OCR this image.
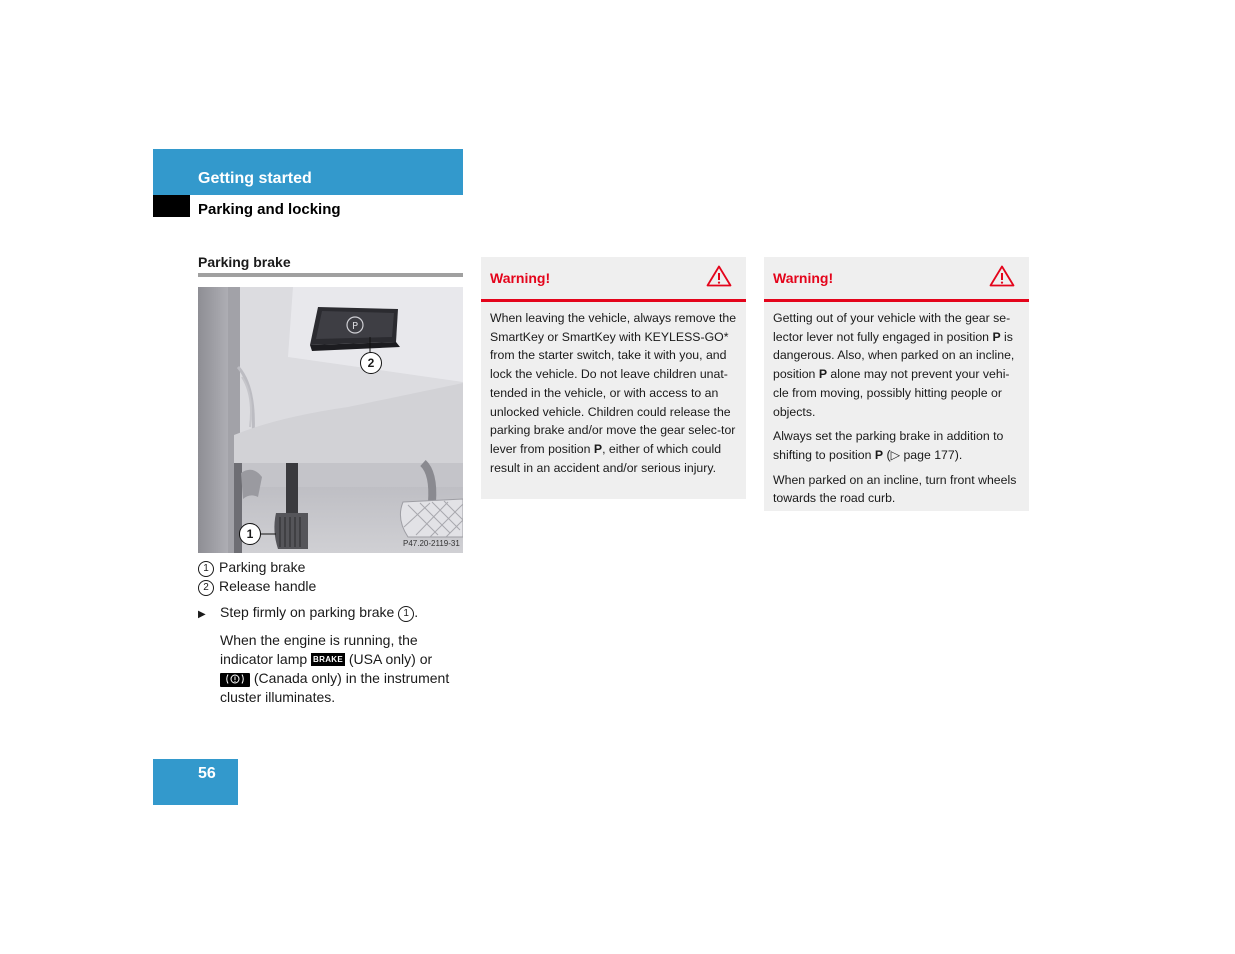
Getting started
Parking and locking
Parking brake
P
2
1
P47.20-2119-31
1 Parking brake
2 Release handle
▶ Step firmly on parking brake 1 .
When the engine is running, the indicator lamp BRAKE (USA only) or
(Canada only) in the instrument cluster illuminates.
Warning!

When leaving the vehicle, always remove the SmartKey or SmartKey with KEYLESS-GO* from the starter switch, take it with you, and lock the vehicle. Do not leave children unat-tended in the vehicle, or with access to an unlocked vehicle. Children could release the parking brake and/or move the gear selec-tor lever from position P, either of which could result in an accident and/or serious injury.

Warning!

Getting out of your vehicle with the gear se-lector lever not fully engaged in position P is dangerous. Also, when parked on an incline, position P alone may not prevent your vehi-cle from moving, possibly hitting people or objects.

Always set the parking brake in addition to shifting to position P (▷ page 177).

When parked on an incline, turn front wheels towards the road curb.

56
